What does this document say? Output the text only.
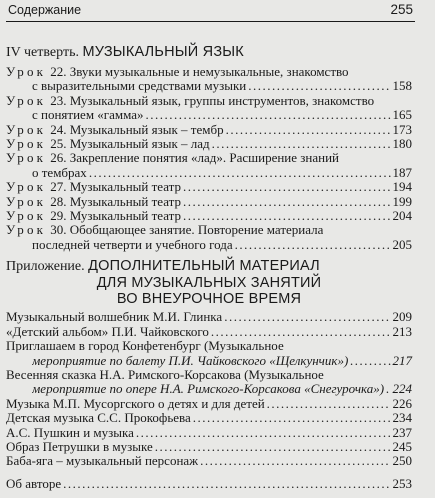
Содержание	255
IV четверть. МУЗЫКАЛЬНЫЙ ЯЗЫК
Урок 22. Звуки музыкальные и немузыкальные, знакомство
с выразительными средствами музыки .....	158
Урок 23. Музыкальный язык, группы инструментов, знакомство
с понятием «гамма» .....	165
Урок 24. Музыкальный язык – тембр .....	173
Урок 25. Музыкальный язык – лад .....	180
Урок 26. Закрепление понятия «лад». Расширение знаний
о тембрах .....	187
Урок 27. Музыкальный театр .....	194
Урок 28. Музыкальный театр .....	199
Урок 29. Музыкальный театр .....	204
Урок 30. Обобщающее занятие. Повторение материала
последней четверти и учебного года .....	205
Приложение. ДОПОЛНИТЕЛЬНЫЙ МАТЕРИАЛ
ДЛЯ МУЗЫКАЛЬНЫХ ЗАНЯТИЙ
ВО ВНЕУРОЧНОЕ ВРЕМЯ
Музыкальный волшебник М.И. Глинка .....	209
«Детский альбом» П.И. Чайковского .....	213
Приглашаем в город Конфетенбург (Музыкальное
мероприятие по балету П.И. Чайковского «Щелкунчик») .....	217
Весенняя сказка Н.А. Римского-Корсакова (Музыкальное
мероприятие по опере Н.А. Римского-Корсакова «Снегурочка») ..... 224
Музыка М.П. Мусоргского о детях и для детей .....	226
Детская музыка С.С. Прокофьева .....	234
А.С. Пушкин и музыка .....	237
Образ Петрушки в музыке .....	245
Баба-яга – музыкальный персонаж .....	250
Об авторе .....	253
